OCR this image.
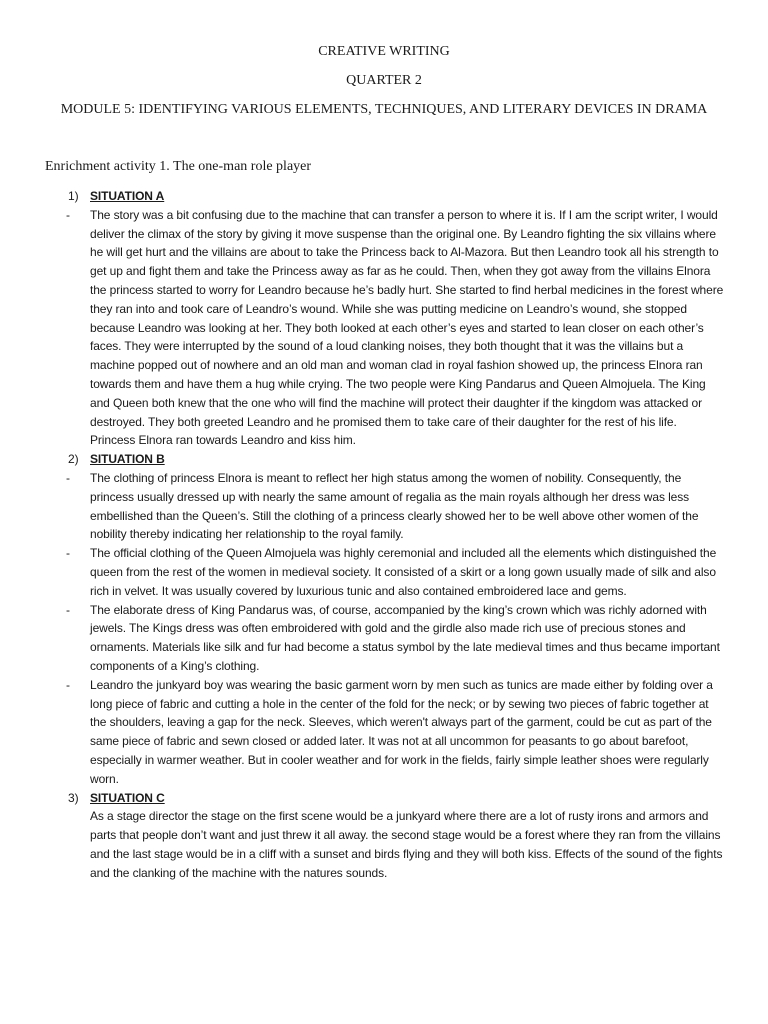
CREATIVE WRITING
QUARTER 2
MODULE 5: IDENTIFYING VARIOUS ELEMENTS, TECHNIQUES, AND LITERARY DEVICES IN DRAMA
Enrichment activity 1. The one-man role player
1) SITUATION A
- The story was a bit confusing due to the machine that can transfer a person to where it is. If I am the script writer, I would deliver the climax of the story by giving it move suspense than the original one. By Leandro fighting the six villains where he will get hurt and the villains are about to take the Princess back to Al-Mazora. But then Leandro took all his strength to get up and fight them and take the Princess away as far as he could. Then, when they got away from the villains Elnora the princess started to worry for Leandro because he’s badly hurt. She started to find herbal medicines in the forest where they ran into and took care of Leandro’s wound. While she was putting medicine on Leandro’s wound, she stopped because Leandro was looking at her. They both looked at each other’s eyes and started to lean closer on each other’s faces. They were interrupted by the sound of a loud clanking noises, they both thought that it was the villains but a machine popped out of nowhere and an old man and woman clad in royal fashion showed up, the princess Elnora ran towards them and have them a hug while crying. The two people were King Pandarus and Queen Almojuela. The King and Queen both knew that the one who will find the machine will protect their daughter if the kingdom was attacked or destroyed. They both greeted Leandro and he promised them to take care of their daughter for the rest of his life. Princess Elnora ran towards Leandro and kiss him.
2) SITUATION B
- The clothing of princess Elnora is meant to reflect her high status among the women of nobility. Consequently, the princess usually dressed up with nearly the same amount of regalia as the main royals although her dress was less embellished than the Queen’s. Still the clothing of a princess clearly showed her to be well above other women of the nobility thereby indicating her relationship to the royal family.
- The official clothing of the Queen Almojuela was highly ceremonial and included all the elements which distinguished the queen from the rest of the women in medieval society. It consisted of a skirt or a long gown usually made of silk and also rich in velvet. It was usually covered by luxurious tunic and also contained embroidered lace and gems.
- The elaborate dress of King Pandarus was, of course, accompanied by the king’s crown which was richly adorned with jewels. The Kings dress was often embroidered with gold and the girdle also made rich use of precious stones and ornaments. Materials like silk and fur had become a status symbol by the late medieval times and thus became important components of a King’s clothing.
- Leandro the junkyard boy was wearing the basic garment worn by men such as tunics are made either by folding over a long piece of fabric and cutting a hole in the center of the fold for the neck; or by sewing two pieces of fabric together at the shoulders, leaving a gap for the neck. Sleeves, which weren't always part of the garment, could be cut as part of the same piece of fabric and sewn closed or added later. It was not at all uncommon for peasants to go about barefoot, especially in warmer weather. But in cooler weather and for work in the fields, fairly simple leather shoes were regularly worn.
3) SITUATION C
As a stage director the stage on the first scene would be a junkyard where there are a lot of rusty irons and armors and parts that people don’t want and just threw it all away. the second stage would be a forest where they ran from the villains and the last stage would be in a cliff with a sunset and birds flying and they will both kiss. Effects of the sound of the fights and the clanking of the machine with the natures sounds.
